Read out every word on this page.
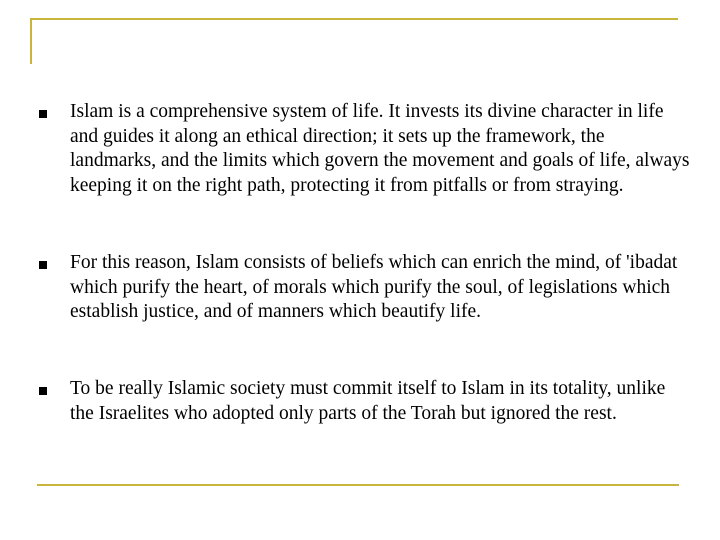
Islam is a comprehensive system of life. It invests its divine character in life and guides it along an ethical direction; it sets up the framework, the landmarks, and the limits which govern the movement and goals of life, always keeping it on the right path, protecting it from pitfalls or from straying.

For this reason, Islam consists of beliefs which can enrich the mind, of 'ibadat which purify the heart, of morals which purify the soul, of legislations which establish justice, and of manners which beautify life.

To be really Islamic society must commit itself to Islam in its totality, unlike the Israelites who adopted only parts of the Torah but ignored the rest.
